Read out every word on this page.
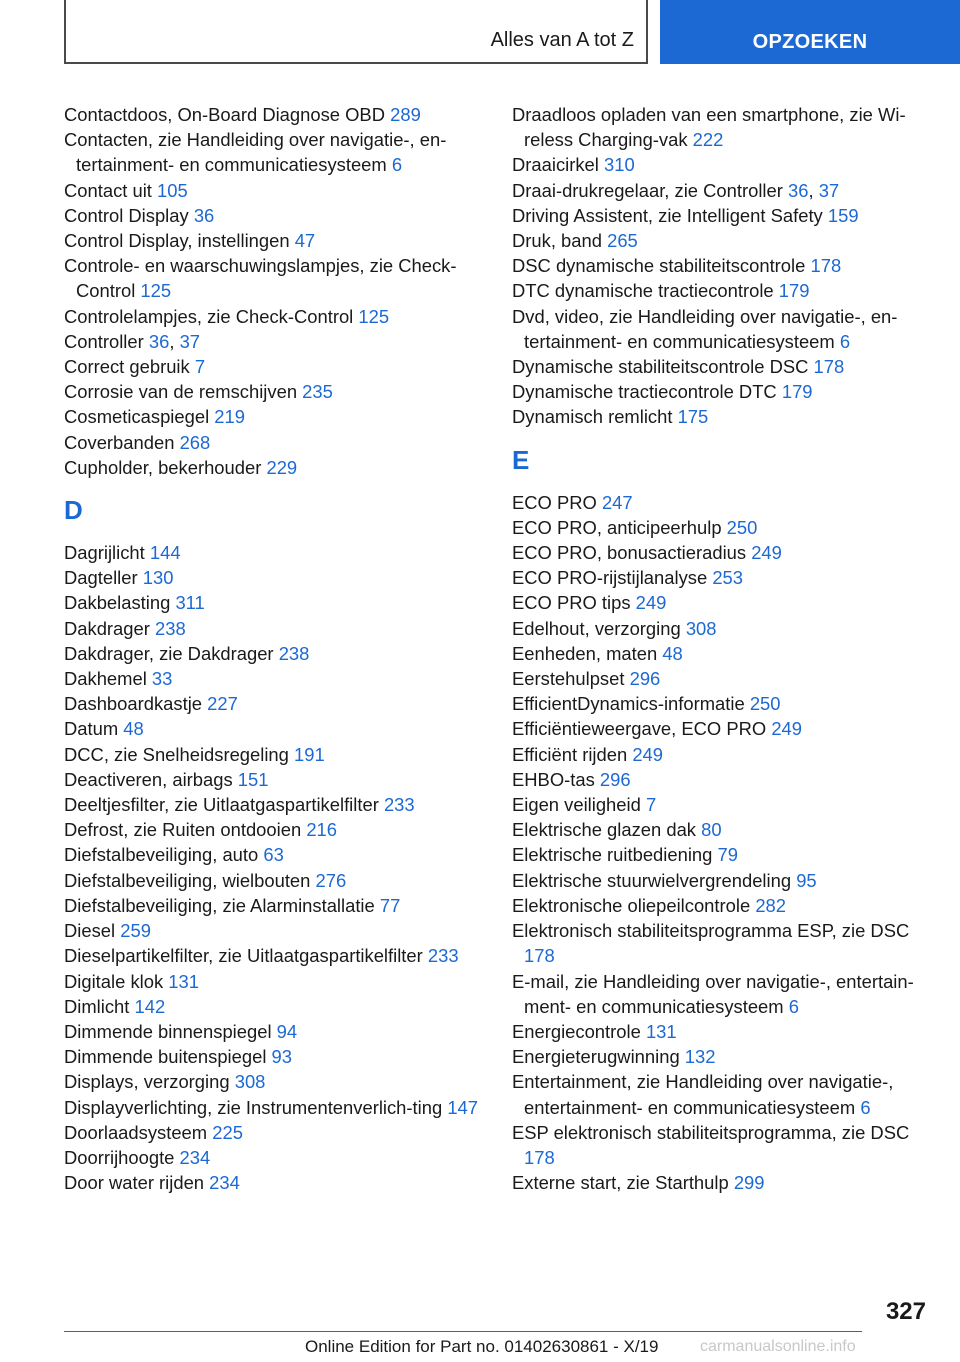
Alles van A tot Z	OPZOEKEN
Contactdoos, On-Board Diagnose OBD 289
Contacten, zie Handleiding over navigatie-, en-tertainment- en communicatiesysteem 6
Contact uit 105
Control Display 36
Control Display, instellingen 47
Controle- en waarschuwingslampjes, zie Check-Control 125
Controlelampjes, zie Check-Control 125
Controller 36, 37
Correct gebruik 7
Corrosie van de remschijven 235
Cosmeticaspiegel 219
Coverbanden 268
Cupholder, bekerhouder 229
D
Dagrijlicht 144
Dagteller 130
Dakbelasting 311
Dakdrager 238
Dakdrager, zie Dakdrager 238
Dakhemel 33
Dashboardkastje 227
Datum 48
DCC, zie Snelheidsregeling 191
Deactiveren, airbags 151
Deeltjesfilter, zie Uitlaatgaspartikelfilter 233
Defrost, zie Ruiten ontdooien 216
Diefstalbeveiliging, auto 63
Diefstalbeveiliging, wielbouten 276
Diefstalbeveiliging, zie Alarminstallatie 77
Diesel 259
Dieselpartikelfilter, zie Uitlaatgaspartikelfilter 233
Digitale klok 131
Dimlicht 142
Dimmende binnenspiegel 94
Dimmende buitenspiegel 93
Displays, verzorging 308
Displayverlichting, zie Instrumentenverlich-ting 147
Doorlaadsysteem 225
Doorrijhoogte 234
Door water rijden 234
Draadloos opladen van een smartphone, zie Wi-reless Charging-vak 222
Draaicirkel 310
Draai-drukregelaar, zie Controller 36, 37
Driving Assistent, zie Intelligent Safety 159
Druk, band 265
DSC dynamische stabiliteitscontrole 178
DTC dynamische tractiecontrole 179
Dvd, video, zie Handleiding over navigatie-, en-tertainment- en communicatiesysteem 6
Dynamische stabiliteitscontrole DSC 178
Dynamische tractiecontrole DTC 179
Dynamisch remlicht 175
E
ECO PRO 247
ECO PRO, anticipeerhulp 250
ECO PRO, bonusactieradius 249
ECO PRO-rijstijlanalyse 253
ECO PRO tips 249
Edelhout, verzorging 308
Eenheden, maten 48
Eerstehulpset 296
EfficientDynamics-informatie 250
Efficiëntieweergave, ECO PRO 249
Efficiënt rijden 249
EHBO-tas 296
Eigen veiligheid 7
Elektrische glazen dak 80
Elektrische ruitbediening 79
Elektrische stuurwielvergrendeling 95
Elektronische oliepeilcontrole 282
Elektronisch stabiliteitsprogramma ESP, zie DSC 178
E-mail, zie Handleiding over navigatie-, entertain-ment- en communicatiesysteem 6
Energiecontrole 131
Energieterugwinning 132
Entertainment, zie Handleiding over navigatie-, entertainment- en communicatiesysteem 6
ESP elektronisch stabiliteitsprogramma, zie DSC 178
Externe start, zie Starthulp 299
327
Online Edition for Part no. 01402630861 - X/19	carmanualsonline.info
